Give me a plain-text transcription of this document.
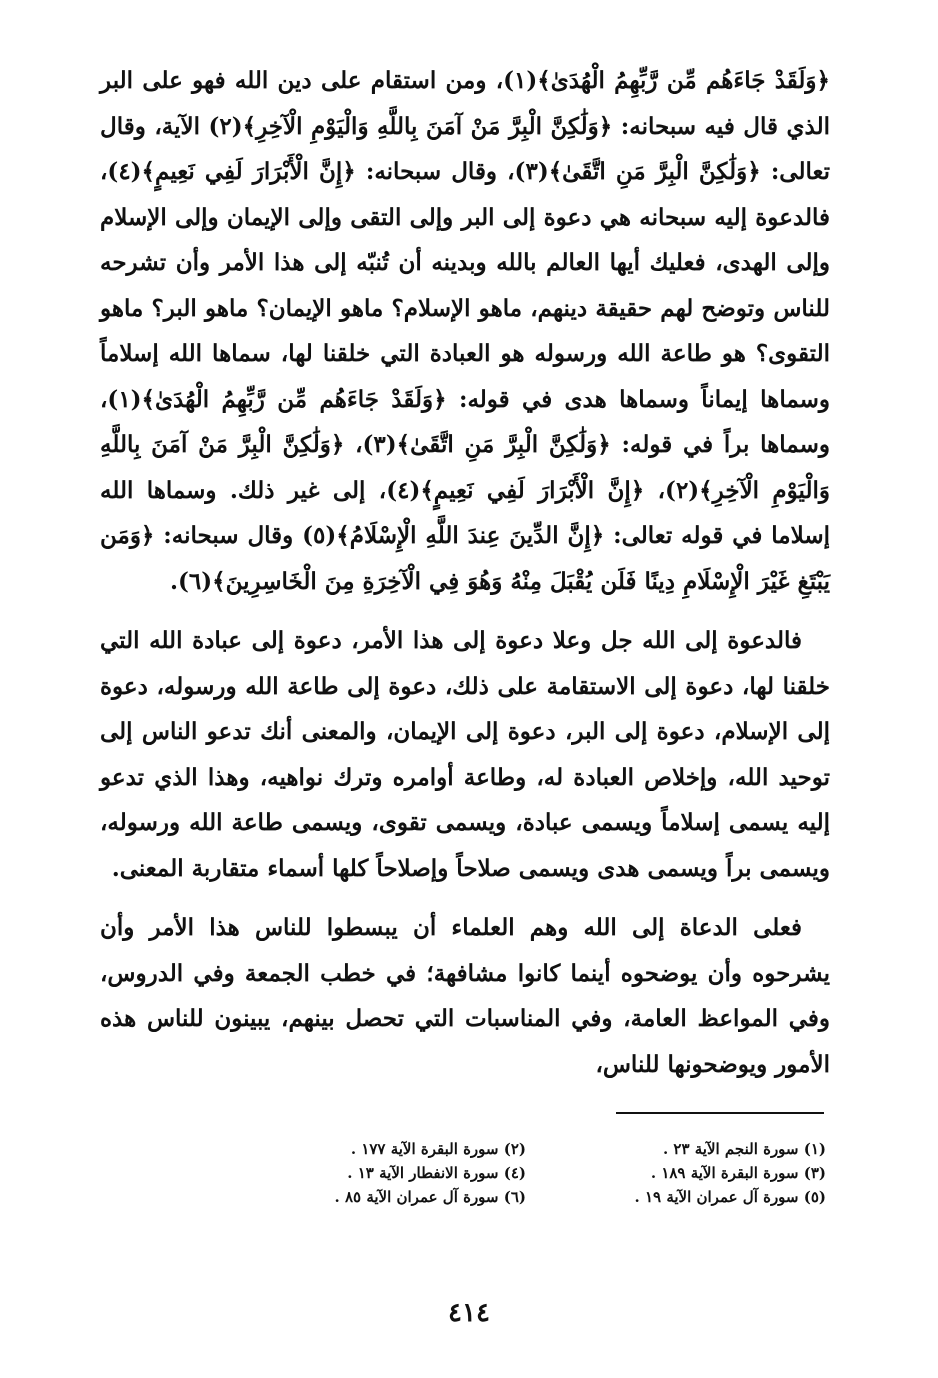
﴿وَلَقَدْ جَاءَهُم مِّن رَّبِّهِمُ الْهُدَىٰ﴾(١)، ومن استقام على دين الله فهو على البر الذي قال فيه سبحانه: ﴿وَلَٰكِنَّ الْبِرَّ مَنْ آمَنَ بِاللَّهِ وَالْيَوْمِ الْآخِرِ﴾(٢) الآية، وقال تعالى: ﴿وَلَٰكِنَّ الْبِرَّ مَنِ اتَّقَىٰ﴾(٣)، وقال سبحانه: ﴿إِنَّ الْأَبْرَارَ لَفِي نَعِيمٍ﴾(٤)، فالدعوة إليه سبحانه هي دعوة إلى البر وإلى التقى وإلى الإيمان وإلى الإسلام وإلى الهدى، فعليك أيها العالم بالله وبدينه أن تُنبّه إلى هذا الأمر وأن تشرحه للناس وتوضح لهم حقيقة دينهم، ماهو الإسلام؟ ماهو الإيمان؟ ماهو البر؟ ماهو التقوى؟ هو طاعة الله ورسوله هو العبادة التي خلقنا لها، سماها الله إسلاماً وسماها إيماناً وسماها هدى في قوله: ﴿وَلَقَدْ جَاءَهُم مِّن رَّبِّهِمُ الْهُدَىٰ﴾(١)، وسماها براً في قوله: ﴿وَلَٰكِنَّ الْبِرَّ مَنِ اتَّقَىٰ﴾(٣)، ﴿وَلَٰكِنَّ الْبِرَّ مَنْ آمَنَ بِاللَّهِ وَالْيَوْمِ الْآخِرِ﴾(٢)، ﴿إِنَّ الْأَبْرَارَ لَفِي نَعِيمٍ﴾(٤)، إلى غير ذلك. وسماها الله إسلاما في قوله تعالى: ﴿إِنَّ الدِّينَ عِندَ اللَّهِ الْإِسْلَامُ﴾(٥) وقال سبحانه: ﴿وَمَن يَبْتَغِ غَيْرَ الْإِسْلَامِ دِينًا فَلَن يُقْبَلَ مِنْهُ وَهُوَ فِي الْآخِرَةِ مِنَ الْخَاسِرِينَ﴾(٦).

فالدعوة إلى الله جل وعلا دعوة إلى هذا الأمر، دعوة إلى عبادة الله التي خلقنا لها، دعوة إلى الاستقامة على ذلك، دعوة إلى طاعة الله ورسوله، دعوة إلى الإسلام، دعوة إلى البر، دعوة إلى الإيمان، والمعنى أنك تدعو الناس إلى توحيد الله، وإخلاص العبادة له، وطاعة أوامره وترك نواهيه، وهذا الذي تدعو إليه يسمى إسلاماً ويسمى عبادة، ويسمى تقوى، ويسمى طاعة الله ورسوله، ويسمى براً ويسمى هدى ويسمى صلاحاً وإصلاحاً كلها أسماء متقاربة المعنى.

فعلى الدعاة إلى الله وهم العلماء أن يبسطوا للناس هذا الأمر وأن يشرحوه وأن يوضحوه أينما كانوا مشافهة؛ في خطب الجمعة وفي الدروس، وفي المواعظ العامة، وفي المناسبات التي تحصل بينهم، يبينون للناس هذه الأمور ويوضحونها للناس،

(١) سورة النجم الآية ٢٣ .
(٢) سورة البقرة الآية ١٧٧ .
(٣) سورة البقرة الآية ١٨٩ .
(٤) سورة الانفطار الآية ١٣ .
(٥) سورة آل عمران الآية ١٩ .
(٦) سورة آل عمران الآية ٨٥ .
٤١٤
